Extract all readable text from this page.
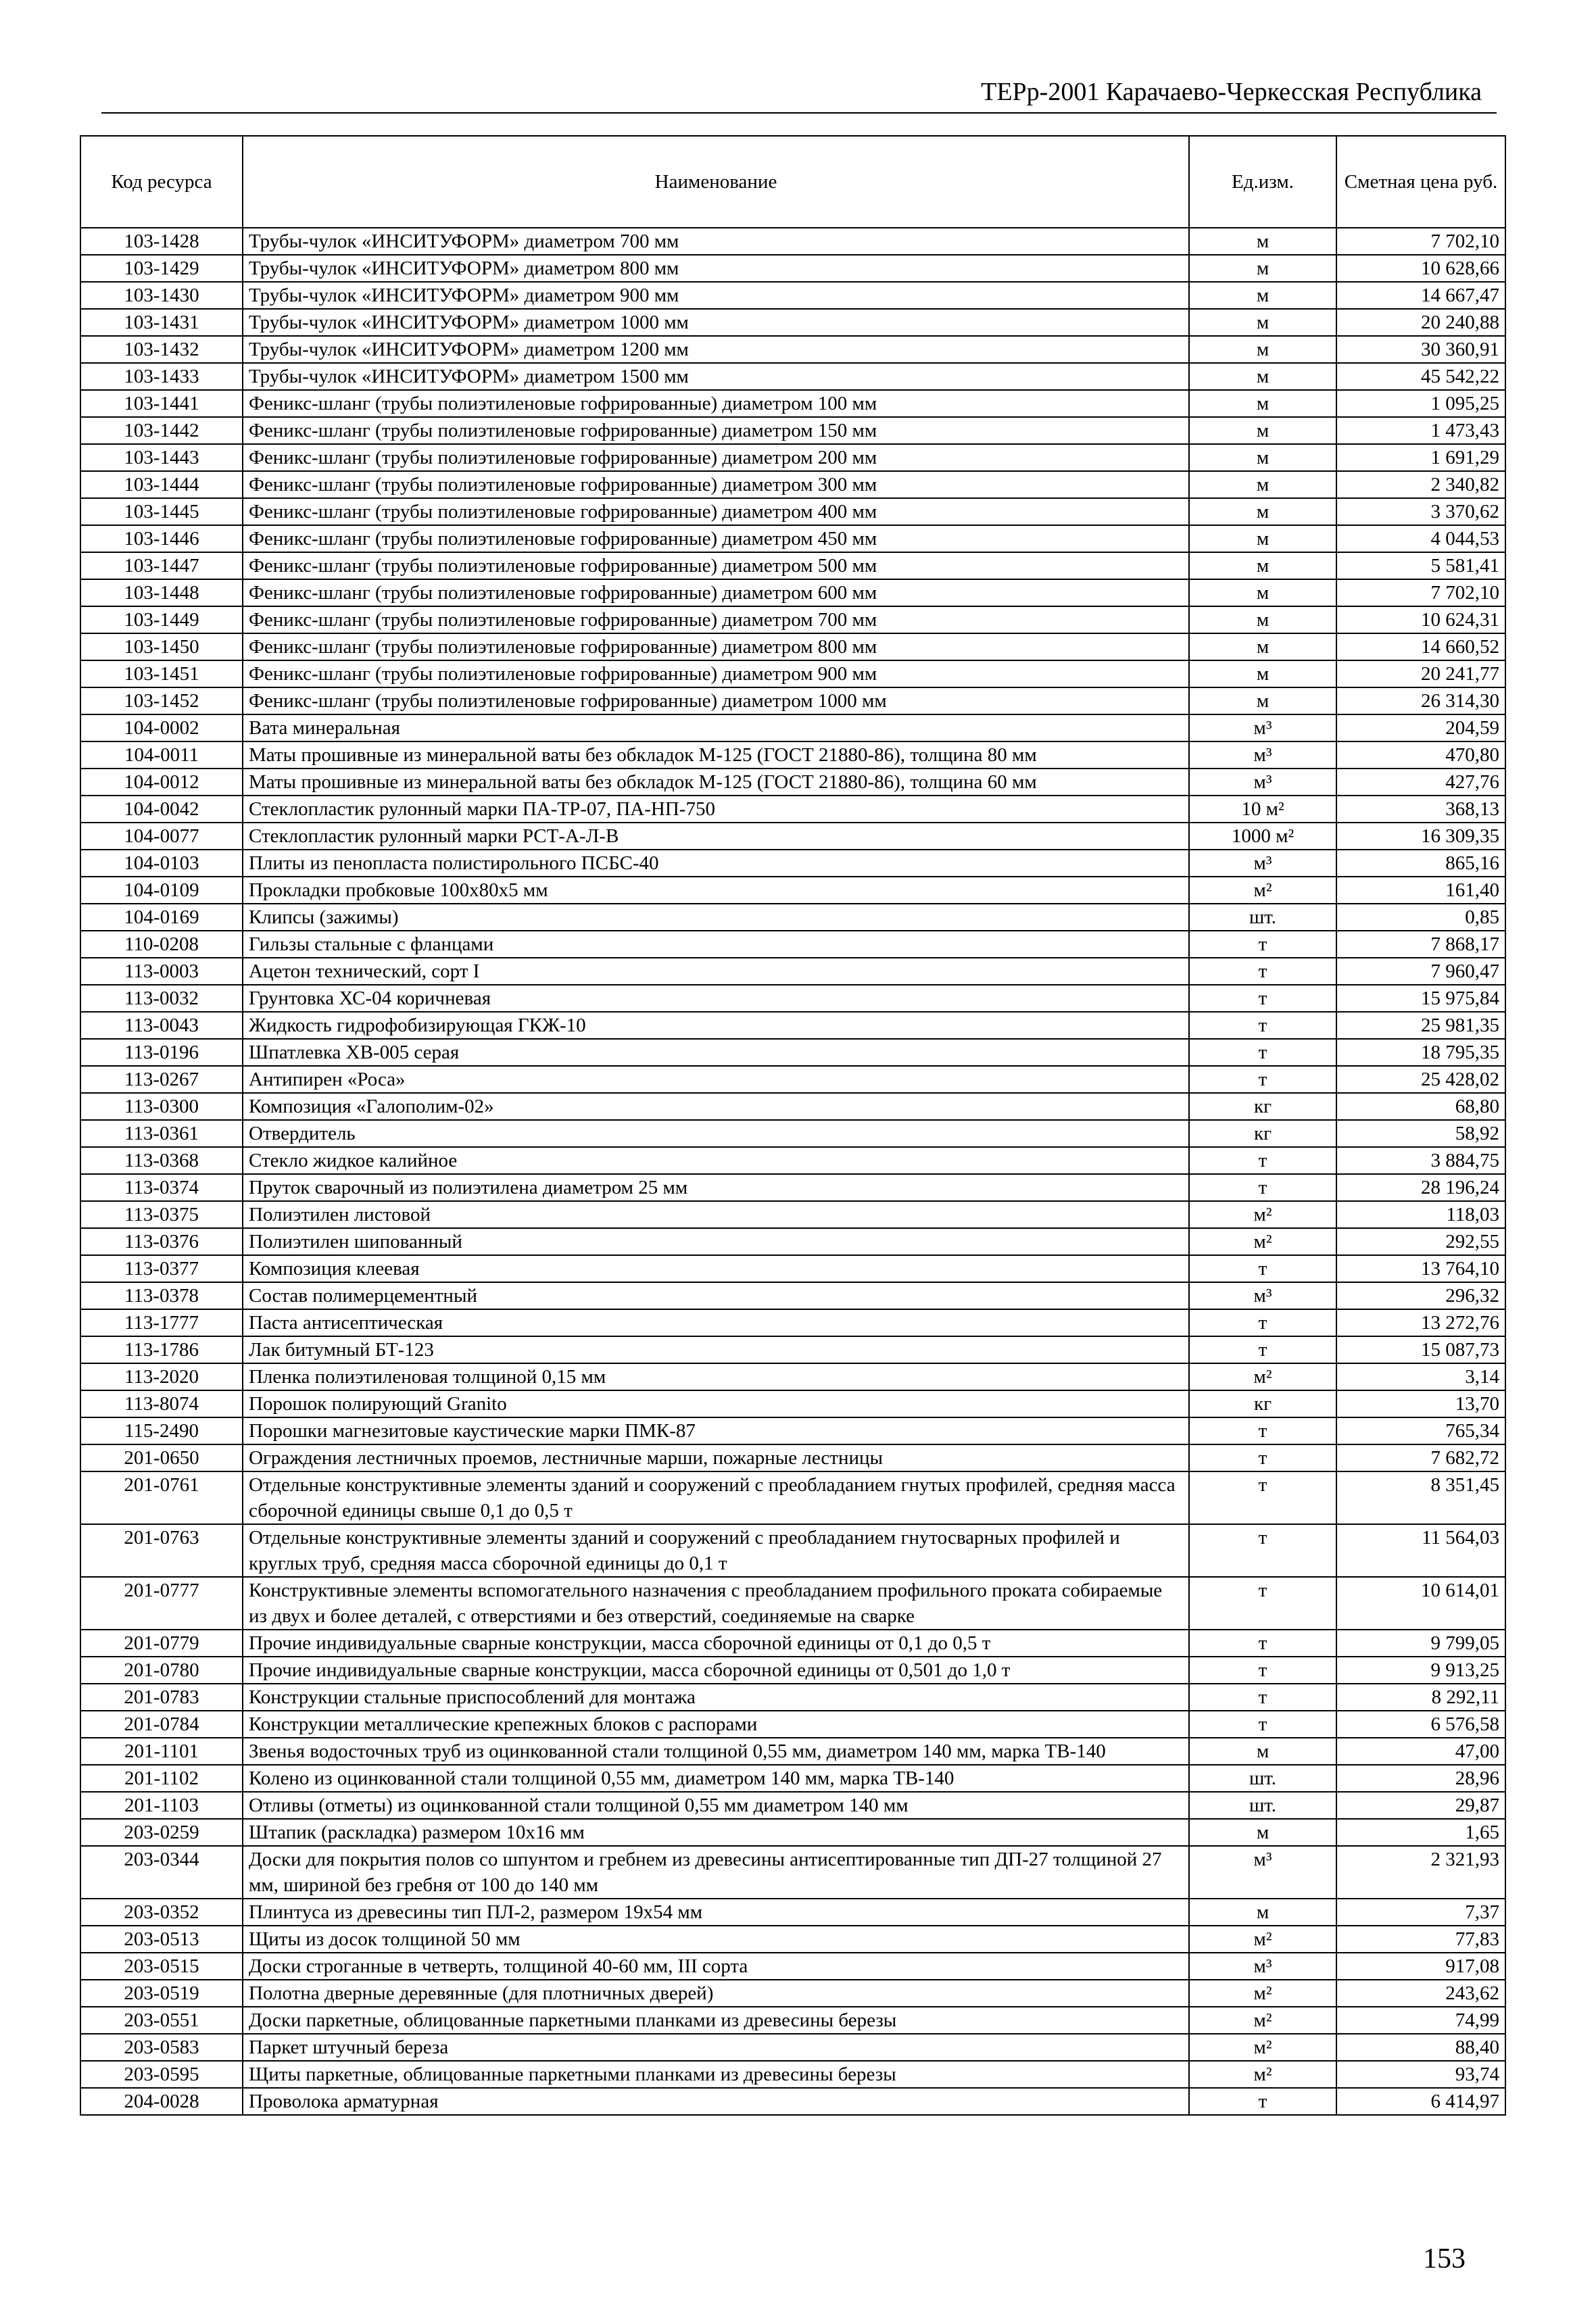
ТЕРр-2001 Карачаево-Черкесская Республика
Код ресурса	Наименование	Ед.изм.	Сметная цена руб.
103-1428	Трубы-чулок «ИНСИТУФОРМ» диаметром 700 мм	м	7 702,10
103-1429	Трубы-чулок «ИНСИТУФОРМ» диаметром 800 мм	м	10 628,66
103-1430	Трубы-чулок «ИНСИТУФОРМ» диаметром 900 мм	м	14 667,47
103-1431	Трубы-чулок «ИНСИТУФОРМ» диаметром 1000 мм	м	20 240,88
103-1432	Трубы-чулок «ИНСИТУФОРМ» диаметром 1200 мм	м	30 360,91
103-1433	Трубы-чулок «ИНСИТУФОРМ» диаметром 1500 мм	м	45 542,22
103-1441	Феникс-шланг (трубы полиэтиленовые гофрированные) диаметром 100 мм	м	1 095,25
103-1442	Феникс-шланг (трубы полиэтиленовые гофрированные) диаметром 150 мм	м	1 473,43
103-1443	Феникс-шланг (трубы полиэтиленовые гофрированные) диаметром 200 мм	м	1 691,29
103-1444	Феникс-шланг (трубы полиэтиленовые гофрированные) диаметром 300 мм	м	2 340,82
103-1445	Феникс-шланг (трубы полиэтиленовые гофрированные) диаметром 400 мм	м	3 370,62
103-1446	Феникс-шланг (трубы полиэтиленовые гофрированные) диаметром 450 мм	м	4 044,53
103-1447	Феникс-шланг (трубы полиэтиленовые гофрированные) диаметром 500 мм	м	5 581,41
103-1448	Феникс-шланг (трубы полиэтиленовые гофрированные) диаметром 600 мм	м	7 702,10
103-1449	Феникс-шланг (трубы полиэтиленовые гофрированные) диаметром 700 мм	м	10 624,31
103-1450	Феникс-шланг (трубы полиэтиленовые гофрированные) диаметром 800 мм	м	14 660,52
103-1451	Феникс-шланг (трубы полиэтиленовые гофрированные) диаметром 900 мм	м	20 241,77
103-1452	Феникс-шланг (трубы полиэтиленовые гофрированные) диаметром 1000 мм	м	26 314,30
104-0002	Вата минеральная	м³	204,59
104-0011	Маты прошивные из минеральной ваты без обкладок М-125 (ГОСТ 21880-86), толщина 80 мм	м³	470,80
104-0012	Маты прошивные из минеральной ваты без обкладок М-125 (ГОСТ 21880-86), толщина 60 мм	м³	427,76
104-0042	Стеклопластик рулонный марки ПА-ТР-07, ПА-НП-750	10 м²	368,13
104-0077	Стеклопластик рулонный марки РСТ-А-Л-В	1000 м²	16 309,35
104-0103	Плиты из пенопласта полистирольного ПСБС-40	м³	865,16
104-0109	Прокладки пробковые 100х80х5 мм	м²	161,40
104-0169	Клипсы (зажимы)	шт.	0,85
110-0208	Гильзы стальные с фланцами	т	7 868,17
113-0003	Ацетон технический, сорт I	т	7 960,47
113-0032	Грунтовка ХС-04 коричневая	т	15 975,84
113-0043	Жидкость гидрофобизирующая ГКЖ-10	т	25 981,35
113-0196	Шпатлевка ХВ-005 серая	т	18 795,35
113-0267	Антипирен «Роса»	т	25 428,02
113-0300	Композиция «Галополим-02»	кг	68,80
113-0361	Отвердитель	кг	58,92
113-0368	Стекло жидкое калийное	т	3 884,75
113-0374	Пруток сварочный из полиэтилена диаметром 25 мм	т	28 196,24
113-0375	Полиэтилен листовой	м²	118,03
113-0376	Полиэтилен шипованный	м²	292,55
113-0377	Композиция клеевая	т	13 764,10
113-0378	Состав полимерцементный	м³	296,32
113-1777	Паста антисептическая	т	13 272,76
113-1786	Лак битумный БТ-123	т	15 087,73
113-2020	Пленка полиэтиленовая толщиной 0,15 мм	м²	3,14
113-8074	Порошок полирующий Granito	кг	13,70
115-2490	Порошки магнезитовые каустические марки ПМК-87	т	765,34
201-0650	Ограждения лестничных проемов, лестничные марши, пожарные лестницы	т	7 682,72
201-0761	Отдельные конструктивные элементы зданий и сооружений с преобладанием гнутых профилей, средняя масса сборочной единицы свыше 0,1 до 0,5 т	т	8 351,45
201-0763	Отдельные конструктивные элементы зданий и сооружений с преобладанием гнутосварных профилей и круглых труб, средняя масса сборочной единицы до 0,1 т	т	11 564,03
201-0777	Конструктивные элементы вспомогательного назначения с преобладанием профильного проката собираемые из двух и более деталей, с отверстиями и без отверстий, соединяемые на сварке	т	10 614,01
201-0779	Прочие индивидуальные сварные конструкции, масса сборочной единицы от 0,1 до 0,5 т	т	9 799,05
201-0780	Прочие индивидуальные сварные конструкции, масса сборочной единицы от 0,501 до 1,0 т	т	9 913,25
201-0783	Конструкции стальные приспособлений для монтажа	т	8 292,11
201-0784	Конструкции металлические крепежных блоков с распорами	т	6 576,58
201-1101	Звенья водосточных труб из оцинкованной стали толщиной 0,55 мм, диаметром 140 мм, марка ТВ-140	м	47,00
201-1102	Колено из оцинкованной стали толщиной 0,55 мм, диаметром 140 мм, марка ТВ-140	шт.	28,96
201-1103	Отливы (отметы) из оцинкованной стали толщиной 0,55 мм диаметром 140 мм	шт.	29,87
203-0259	Штапик (раскладка) размером 10х16 мм	м	1,65
203-0344	Доски для покрытия полов со шпунтом и гребнем из древесины антисептированные тип ДП-27 толщиной 27 мм, шириной без гребня от 100 до 140 мм	м³	2 321,93
203-0352	Плинтуса из древесины тип ПЛ-2, размером 19х54 мм	м	7,37
203-0513	Щиты из досок толщиной 50 мм	м²	77,83
203-0515	Доски строганные в четверть, толщиной 40-60 мм, III сорта	м³	917,08
203-0519	Полотна дверные деревянные (для плотничных дверей)	м²	243,62
203-0551	Доски паркетные, облицованные паркетными планками из древесины березы	м²	74,99
203-0583	Паркет штучный береза	м²	88,40
203-0595	Щиты паркетные, облицованные паркетными планками из древесины березы	м²	93,74
204-0028	Проволока арматурная	т	6 414,97
153
